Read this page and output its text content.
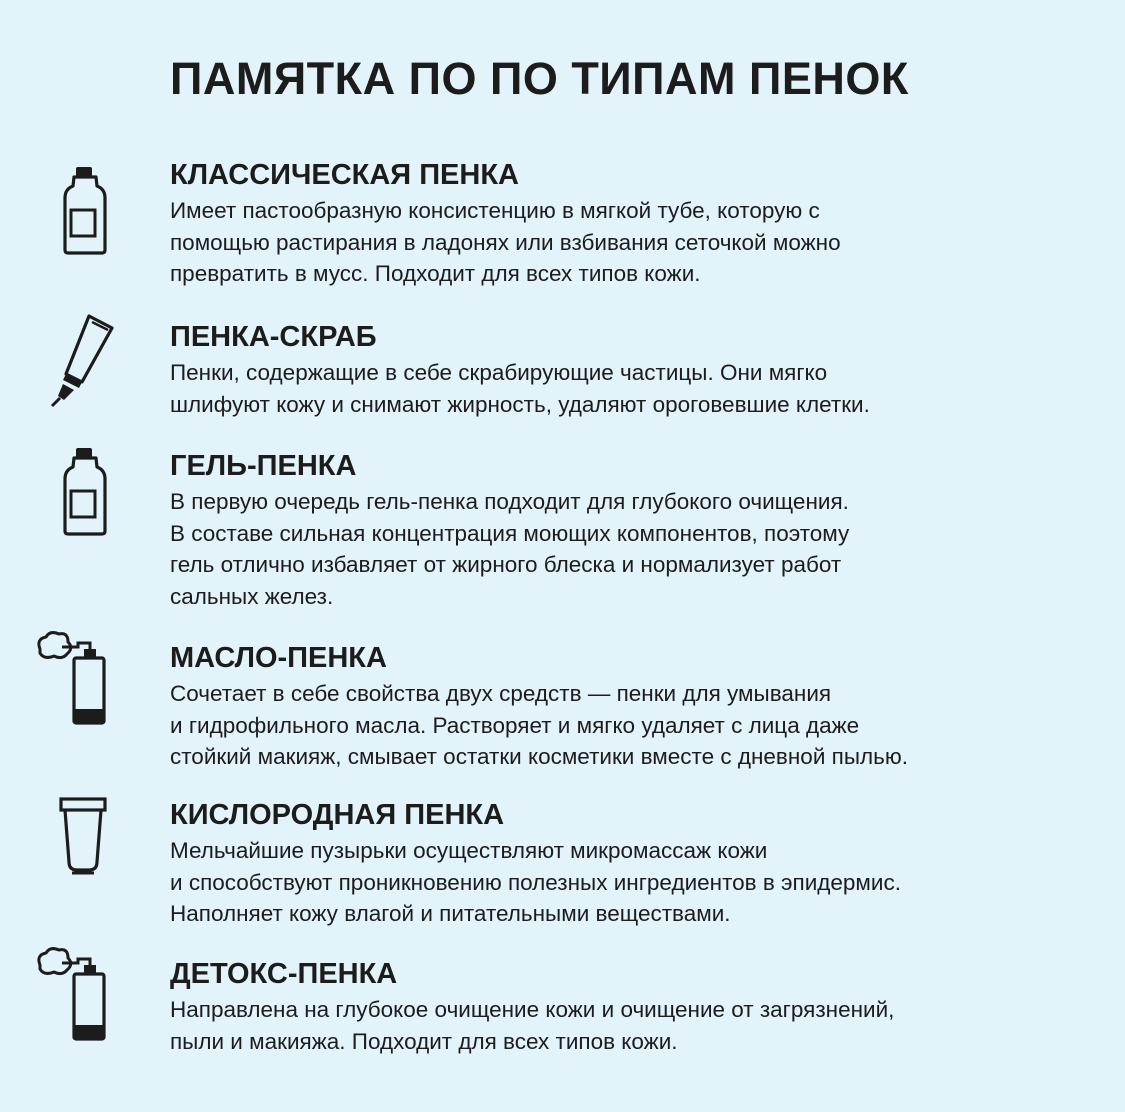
ПАМЯТКА ПО ПО ТИПАМ ПЕНОК
КЛАССИЧЕСКАЯ ПЕНКА
Имеет пастообразную консистенцию в мягкой тубе, которую с
помощью растирания в ладонях или взбивания сеточкой можно
превратить в мусс. Подходит для всех типов кожи.
ПЕНКА-СКРАБ
Пенки, содержащие в себе скрабирующие частицы. Они мягко
шлифуют кожу и снимают жирность, удаляют ороговевшие клетки.
ГЕЛЬ-ПЕНКА
В первую очередь гель-пенка подходит для глубокого очищения.
В составе сильная концентрация моющих компонентов, поэтому
гель отлично избавляет от жирного блеска и нормализует работ
сальных желез.
МАСЛО-ПЕНКА
Сочетает в себе свойства двух средств — пенки для умывания
и гидрофильного масла. Растворяет и мягко удаляет с лица даже
стойкий макияж, смывает остатки косметики вместе с дневной пылью.
КИСЛОРОДНАЯ ПЕНКА
Мельчайшие пузырьки осуществляют микромассаж кожи
и способствуют проникновению полезных ингредиентов в эпидермис.
Наполняет кожу влагой и питательными веществами.
ДЕТОКС-ПЕНКА
Направлена на глубокое очищение кожи и очищение от загрязнений,
пыли и макияжа. Подходит для всех типов кожи.
